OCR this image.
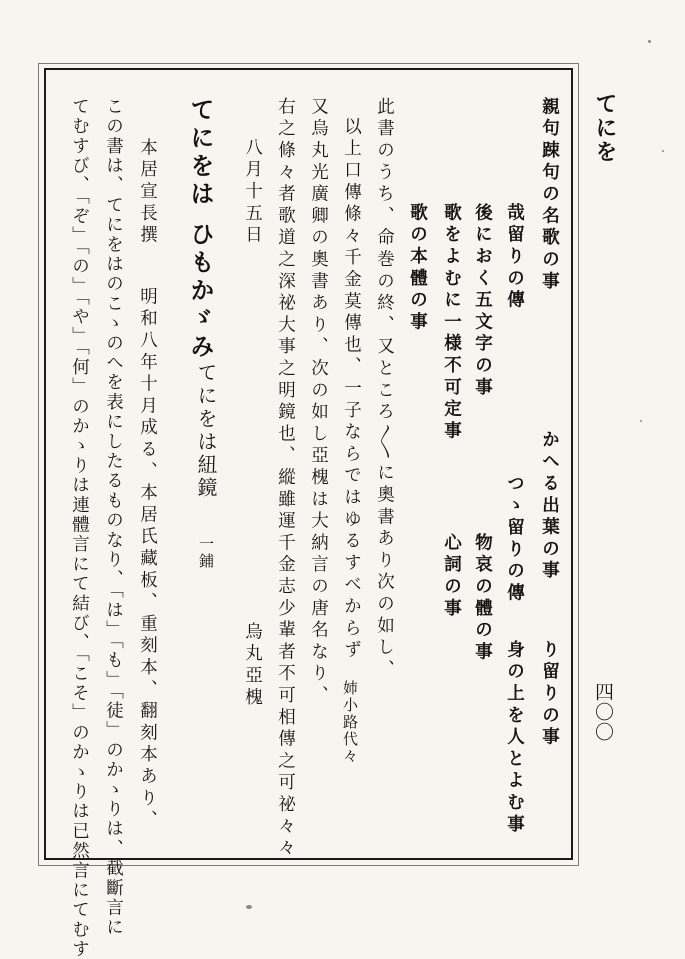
てにを
四〇〇
親句踈句の名歌の事
かへる出葉の事
り留りの事
哉留りの傳
つゝ留りの傳
身の上を人とよむ事
後におく五文字の事
物哀の體の事
歌をよむに一様不可定事
心詞の事
歌の本體の事
此書のうち、命巻の終、又ところ〳〵に奧書あり次の如し、
以上口傳條々千金莫傳也、一子ならではゆるすべからず
姉小路代々
又烏丸光廣卿の奧書あり、次の如し亞槐は大納言の唐名なり、
右之條々者歌道之深祕大事之明鏡也、縱雖運千金志少輩者不可相傳之可祕々々
八月十五日
烏丸亞槐
てにをは ひもかゞみ
てにをは紐鏡
一鋪
本居宣長撰
明和八年十月成る、本居氏藏板、重刻本、翻刻本あり、
この書は、てにをはのこゝのへを表にしたるものなり、「は」「も」「徒」のかゝりは、截斷言に
てむすび、「ぞ」「の」「や」「何」のかゝりは連體言にて結び、「こそ」のかゝりは已然言にてむす
